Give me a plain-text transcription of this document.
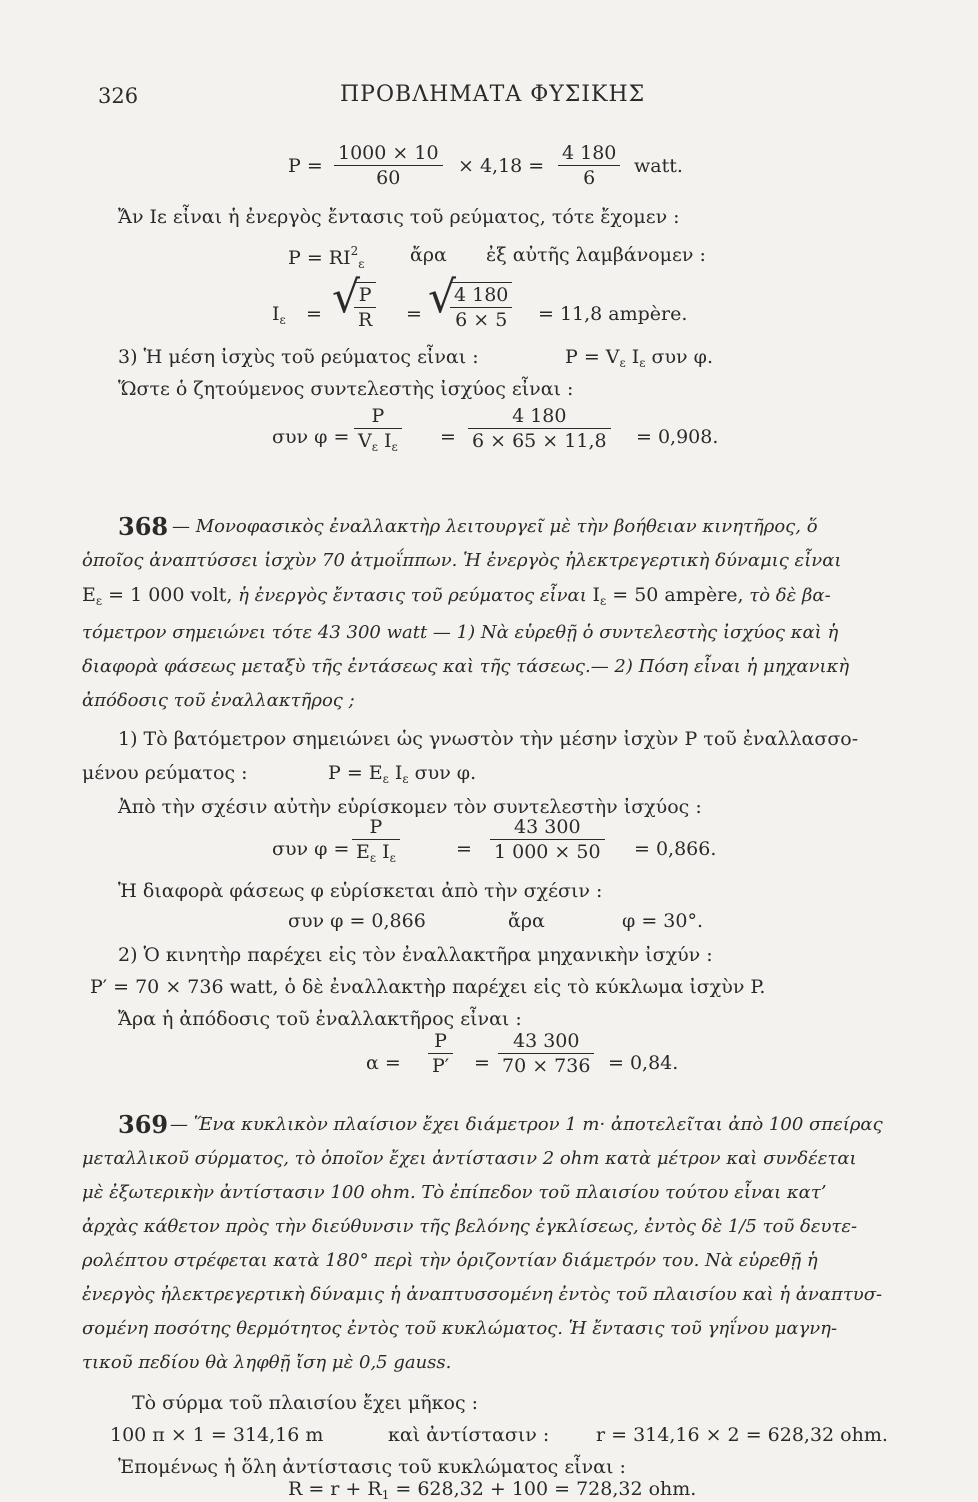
326	ΠΡΟΒΛΗΜΑΤΑ ΦΥΣΙΚΗΣ
$P = \frac{1000 \times 10}{60} \times 4,18 = \frac{4 180}{6}$ watt.
Ἄν Iε εἶναι ἡ ἐνεργὸς ἔντασις τοῦ ρεύματος, τότε ἔχομεν :
$P = RI^2_\varepsilon$ ἄρα ἐξ αὐτῆς λαμβάνομεν :
$I_\varepsilon$ = √
$\frac{P}{R}$ = √
$\frac{4 180}{6 \times 5} = 11,8$ ampère.
3) Ἡ μέση ἰσχὺς τοῦ ρεύματος εἶναι :	$P = V_\varepsilon$ $I_\varepsilon$ συν φ.
Ὥστε ὁ ζητούμενος συντελεστὴς ἰσχύος εἶναι :
συν $\varphi = \frac{P}{V_\varepsilon I_\varepsilon} = \frac{4 180}{6 \times 65 \times 11,8} = 0,908$.
368 — Μονοφασικὸς ἐναλλακτὴρ λειτουργεῖ μὲ τὴν βοήθειαν κινητῆρος, ὅ
ὁποῖος ἀναπτύσσει ἰσχὺν 70 ἀτμοΐππων. Ἡ ἐνεργὸς ἠλεκτρεγερτικὴ δύναμις εἶναι
$E_\varepsilon = 1$ 000 volt, ἡ ἐνεργὸς ἔντασις τοῦ ρεύματος εἶναι $I_\varepsilon = 50$ ampère, τὸ δὲ βα-
τόμετρον σημειώνει τότε 43 300 watt — 1) Νὰ εὑρεθῇ ὁ συντελεστὴς ἰσχύος καὶ ἡ
διαφορὰ φάσεως μεταξὺ τῆς ἐντάσεως καὶ τῆς τάσεως.— 2) Πόση εἶναι ἡ μηχανικὴ
ἀπόδοσις τοῦ ἐναλλακτῆρος ;
1) Τὸ βατόμετρον σημειώνει ὡς γνωστὸν τὴν μέσην ἰσχὺν P τοῦ ἐναλλασσο-
μένου ρεύματος :	$P = E_\varepsilon$ $I_\varepsilon$ συν φ.
Ἀπὸ τὴν σχέσιν αὐτὴν εὑρίσκομεν τὸν συντελεστὴν ἰσχύος :
συν $\varphi = \frac{P}{E_\varepsilon I_\varepsilon}$	= $\frac{43 300}{1 000 \times 50} = 0,866$.
Ἡ διαφορὰ φάσεως φ εὑρίσκεται ἀπὸ τὴν σχέσιν :
συν φ = 0,866	ἄρα	φ = 30°.
2) Ὁ κινητὴρ παρέχει εἰς τὸν ἐναλλακτῆρα μηχανικὴν ἰσχύν :
P′ = 70 × 736 watt, ὁ δὲ ἐναλλακτὴρ παρέχει εἰς τὸ κύκλωμα ἰσχὺν P.
Ἄρα ἡ ἀπόδοσις τοῦ ἐναλλακτῆρος εἶναι :
$\alpha = \frac{P}{P'} = \frac{43 300}{70 \times 736} = 0,84$.
369 — Ἕνα κυκλικὸν πλαίσιον ἔχει διάμετρον 1 m· ἀποτελεῖται ἀπὸ 100 σπείρας
μεταλλικοῦ σύρματος, τὸ ὁποῖον ἔχει ἀντίστασιν 2 ohm κατὰ μέτρον καὶ συνδέεται
μὲ ἐξωτερικὴν ἀντίστασιν 100 ohm. Τὸ ἐπίπεδον τοῦ πλαισίου τούτου εἶναι κατ’
ἀρχὰς κάθετον πρὸς τὴν διεύθυνσιν τῆς βελόνης ἐγκλίσεως, ἐντὸς δὲ 1/5 τοῦ δευτε-
ρολέπτου στρέφεται κατὰ 180° περὶ τὴν ὁριζοντίαν διάμετρόν του. Νὰ εὑρεθῇ ἡ
ἐνεργὸς ἠλεκτρεγερτικὴ δύναμις ἡ ἀναπτυσσομένη ἐντὸς τοῦ πλαισίου καὶ ἡ ἀναπτυσ-
σομένη ποσότης θερμότητος ἐντὸς τοῦ κυκλώματος. Ἡ ἔντασις τοῦ γηΐνου μαγνη-
τικοῦ πεδίου θὰ ληφθῇ ἴση μὲ 0,5 gauss.
Τὸ σύρμα τοῦ πλαισίου ἔχει μῆκος :
100 π × 1 = 314,16 m	καὶ ἀντίστασιν : r = 314,16 × 2 = 628,32 ohm.
Ἐπομένως ἡ ὅλη ἀντίστασις τοῦ κυκλώματος εἶναι :
$R = r + R_1 = 628,32 + 100 = 728,32$ ohm.
